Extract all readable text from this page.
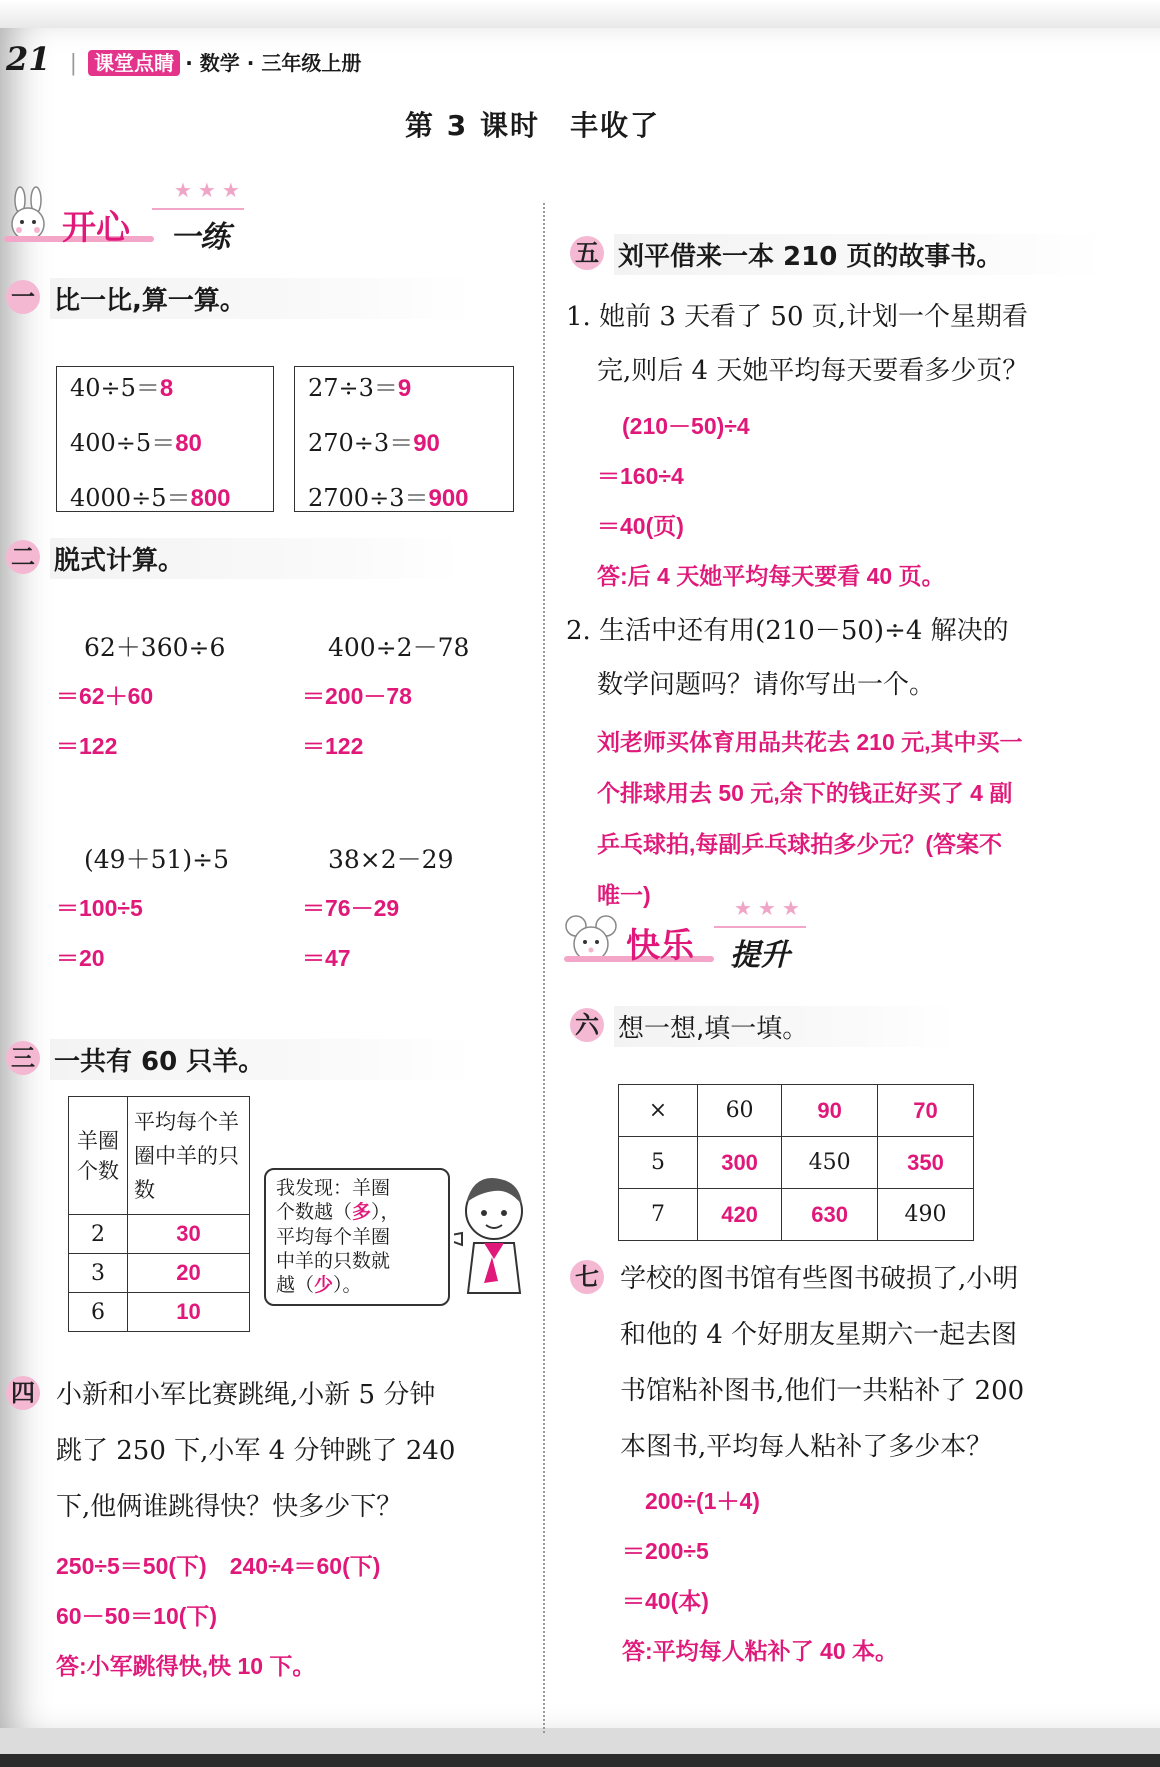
21 | 课堂点睛 · 数学 · 三年级上册
第 3 课时　丰收了
开心
★★★
一练
一 比一比,算一算。
二 脱式计算。
三 一共有 60 只羊。
羊圈个数	平均每个羊圈中羊的只数
2	30
3	20
6	10
我发现：羊圈
个数越（多），
平均每个羊圈
中羊的只数就
越（少）。
四
五 刘平借来一本 210 页的故事书。
快乐
★★★
提升
六 想一想,填一填。
×	60	90	70
5	300	450	350
7	420	630	490
七
40÷5＝8
400÷5＝80
4000÷5＝800
27÷3＝9
270÷3＝90
2700÷3＝900
62＋360÷6
＝62＋60
＝122
400÷2－78
＝200－78
＝122
(49＋51)÷5
＝100÷5
＝20
38×2－29
＝76－29
＝47
小新和小军比赛跳绳,小新 5 分钟
跳了 250 下,小军 4 分钟跳了 240
下,他俩谁跳得快？快多少下？
250÷5＝50(下)　240÷4＝60(下)
60－50＝10(下)
答:小军跳得快,快 10 下。
1. 她前 3 天看了 50 页,计划一个星期看
完,则后 4 天她平均每天要看多少页？
(210－50)÷4
＝160÷4
＝40(页)
答:后 4 天她平均每天要看 40 页。
2. 生活中还有用(210－50)÷4 解决的
数学问题吗？请你写出一个。
刘老师买体育用品共花去 210 元,其中买一
个排球用去 50 元,余下的钱正好买了 4 副
乒乓球拍,每副乒乓球拍多少元？(答案不
唯一)
学校的图书馆有些图书破损了,小明
和他的 4 个好朋友星期六一起去图
书馆粘补图书,他们一共粘补了 200
本图书,平均每人粘补了多少本？
200÷(1＋4)
＝200÷5
＝40(本)
答:平均每人粘补了 40 本。
